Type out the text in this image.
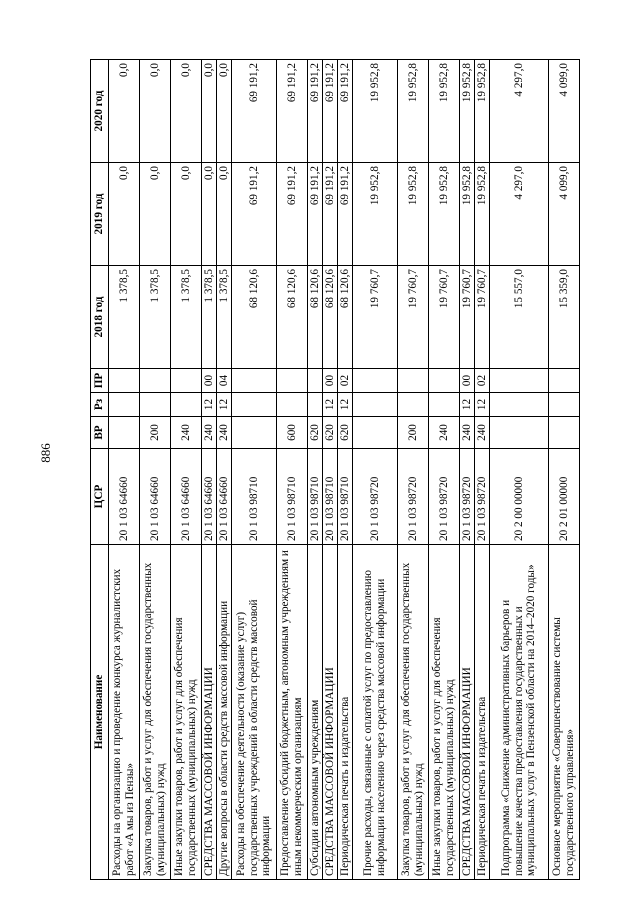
886
Наименование	ЦСР	ВР	Рз	ПР	2018 год	2019 год	2020 год
Расходы на организацию и проведение конкурса журналистских работ «А мы из Пензы»	20 1 03 64660				1 378,5	0,0	0,0
Закупка товаров, работ и услуг для обеспечения государственных (муниципальных) нужд	20 1 03 64660	200			1 378,5	0,0	0,0
Иные закупки товаров, работ и услуг для обеспечения государственных (муниципальных) нужд	20 1 03 64660	240			1 378,5	0,0	0,0
СРЕДСТВА МАССОВОЙ ИНФОРМАЦИИ	20 1 03 64660	240	12	00	1 378,5	0,0	0,0
Другие вопросы в области средств массовой информации	20 1 03 64660	240	12	04	1 378,5	0,0	0,0
Расходы на обеспечение деятельности (оказание услуг) государственных учреждений в области средств массовой информации	20 1 03 98710				68 120,6	69 191,2	69 191,2
Предоставление субсидий бюджетным, автономным учреждениям и иным некоммерческим организациям	20 1 03 98710	600			68 120,6	69 191,2	69 191,2
Субсидии автономным учреждениям	20 1 03 98710	620			68 120,6	69 191,2	69 191,2
СРЕДСТВА МАССОВОЙ ИНФОРМАЦИИ	20 1 03 98710	620	12	00	68 120,6	69 191,2	69 191,2
Периодическая печать и издательства	20 1 03 98710	620	12	02	68 120,6	69 191,2	69 191,2
Прочие расходы, связанные с оплатой услуг по предоставлению информации населению через средства массовой информации	20 1 03 98720				19 760,7	19 952,8	19 952,8
Закупка товаров, работ и услуг для обеспечения государственных (муниципальных) нужд	20 1 03 98720	200			19 760,7	19 952,8	19 952,8
Иные закупки товаров, работ и услуг для обеспечения государственных (муниципальных) нужд	20 1 03 98720	240			19 760,7	19 952,8	19 952,8
СРЕДСТВА МАССОВОЙ ИНФОРМАЦИИ	20 1 03 98720	240	12	00	19 760,7	19 952,8	19 952,8
Периодическая печать и издательства	20 1 03 98720	240	12	02	19 760,7	19 952,8	19 952,8
Подпрограмма «Снижение административных барьеров и повышение качества предоставления государственных и муниципальных услуг в Пензенской области на 2014–2020 годы»	20 2 00 00000				15 557,0	4 297,0	4 297,0
Основное мероприятие «Совершенствование системы государственного управления»	20 2 01 00000				15 359,0	4 099,0	4 099,0
